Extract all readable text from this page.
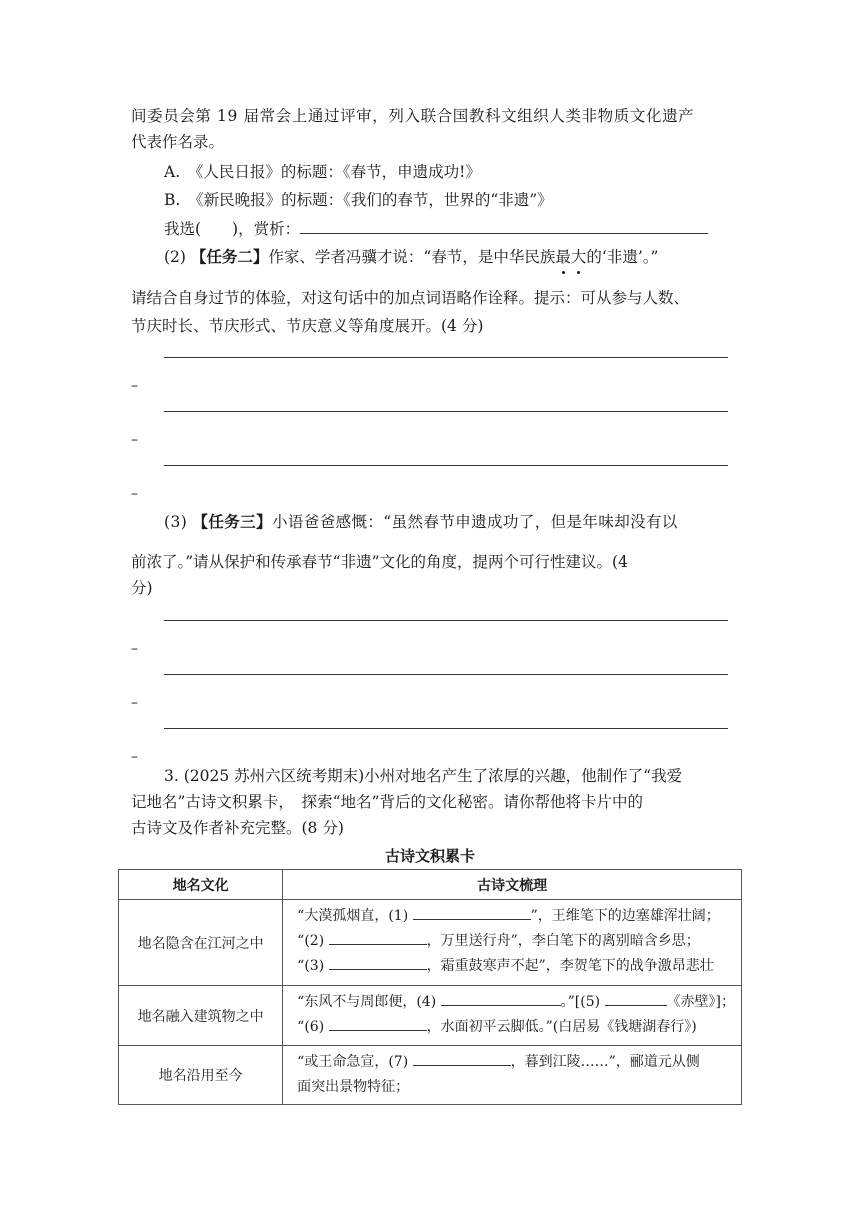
间委员会第 19 届常会上通过评审，列入联合国教科文组织人类非物质文化遗产
代表作名录。
A.　《人民日报》的标题：《春节，申遗成功!》
B.　《新民晚报》的标题：《我们的春节，世界的“非遗”》
我选(　　)，赏析：
(2) 【任务二】作家、学者冯骥才说：“春节，是中华民族最大的‘非遗’。”
请结合自身过节的体验，对这句话中的加点词语略作诠释。提示：可从参与人数、
节庆时长、节庆形式、节庆意义等角度展开。(4 分)
–
–
–
(3) 【任务三】小语爸爸感慨：“虽然春节申遗成功了，但是年味却没有以
前浓了。”请从保护和传承春节“非遗”文化的角度，提两个可行性建议。(4
分)
–
–
–
3. (2025 苏州六区统考期末)小州对地名产生了浓厚的兴趣，他制作了“我爱
记地名”古诗文积累卡，　探索“地名”背后的文化秘密。请你帮他将卡片中的
古诗文及作者补充完整。(8 分)
古诗文积累卡
地名文化	古诗文梳理
地名隐含在江河之中	“大漠孤烟直，(1) ”，王维笔下的边塞雄浑壮阔；
“(2) ，万里送行舟”，李白笔下的离别暗含乡思；
“(3) ，霜重鼓寒声不起”，李贺笔下的战争激昂悲壮

地名融入建筑物之中	“东风不与周郎便，(4) 。”[(5) 《赤壁》]；
“(6) ，水面初平云脚低。”(白居易《钱塘湖春行》)

地名沿用至今	“或王命急宣，(7) ，暮到江陵……”，郦道元从侧
面突出景物特征；
